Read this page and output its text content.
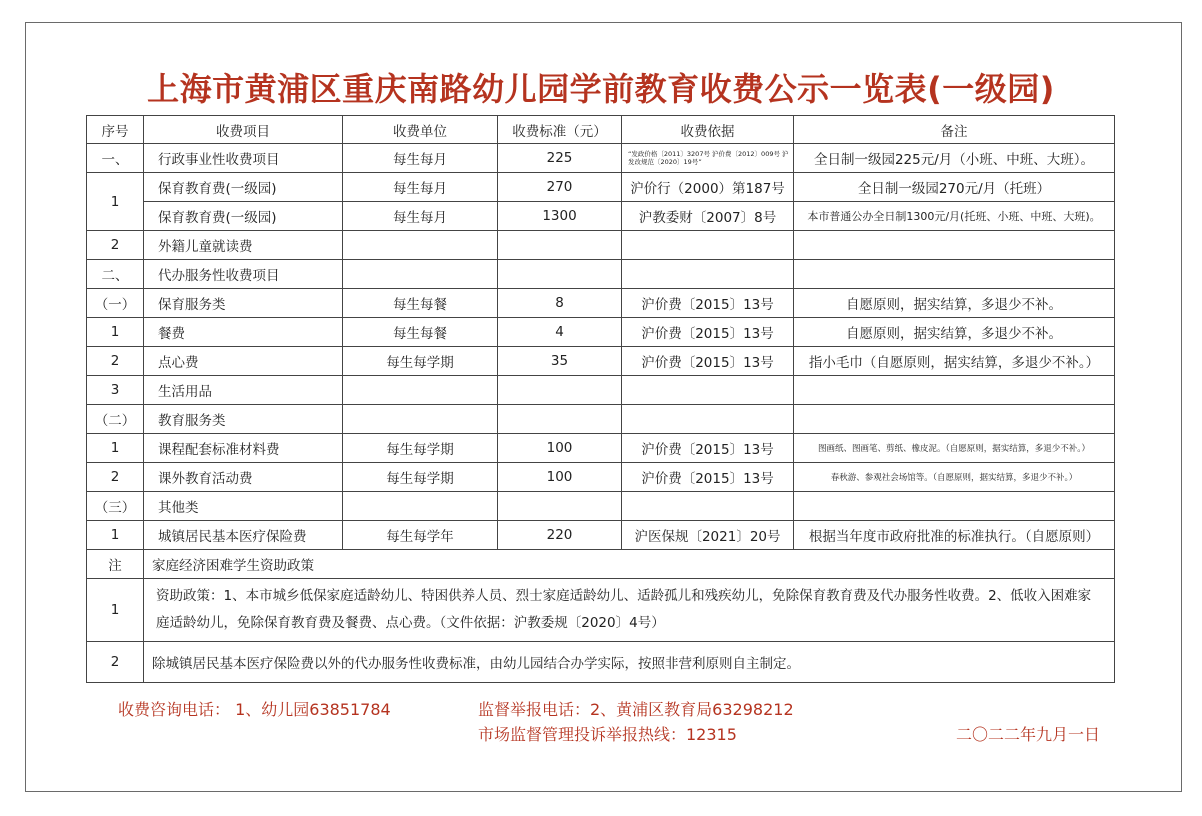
上海市黄浦区重庆南路幼儿园学前教育收费公示一览表(一级园)
序号	收费项目	收费单位	收费标准（元）	收费依据	备注
一、	行政事业性收费项目	每生每月	225	“发政价格〔2011〕3207号 沪价费〔2012〕009号 沪发改规范〔2020〕19号”	全日制一级园225元/月（小班、中班、大班）。
1	保育教育费(一级园)	每生每月	270	沪价行（2000）第187号	全日制一级园270元/月（托班）
	保育教育费(一级园)	每生每月	1300	沪教委财〔2007〕8号	本市普通公办全日制1300元/月(托班、小班、中班、大班)。
2	外籍儿童就读费				
二、	代办服务性收费项目				
（一）	保育服务类	每生每餐	8	沪价费〔2015〕13号	自愿原则，据实结算，多退少不补。
1	餐费	每生每餐	4	沪价费〔2015〕13号	自愿原则，据实结算，多退少不补。
2	点心费	每生每学期	35	沪价费〔2015〕13号	指小毛巾（自愿原则，据实结算，多退少不补。）
3	生活用品				
（二）	教育服务类				
1	课程配套标准材料费	每生每学期	100	沪价费〔2015〕13号	图画纸、图画笔、剪纸、橡皮泥。（自愿原则，据实结算，多退少不补。）
2	课外教育活动费	每生每学期	100	沪价费〔2015〕13号	春秋游、参观社会场馆等。（自愿原则，据实结算，多退少不补。）
（三）	其他类				
1	城镇居民基本医疗保险费	每生每学年	220	沪医保规〔2021〕20号	根据当年度市政府批准的标准执行。（自愿原则）
注	家庭经济困难学生资助政策				
1	资助政策：1、本市城乡低保家庭适龄幼儿、特困供养人员、烈士家庭适龄幼儿、适龄孤儿和残疾幼儿，免除保育教育费及代办服务性收费。2、低收入困难家庭适龄幼儿，免除保育教育费及餐费、点心费。（文件依据：沪教委规〔2020〕4号）				
2	除城镇居民基本医疗保险费以外的代办服务性收费标准，由幼儿园结合办学实际，按照非营利原则自主制定。				
收费咨询电话： 1、幼儿园63851784	监督举报电话：2、黄浦区教育局63298212
市场监督管理投诉举报热线：12315	二〇二二年九月一日
